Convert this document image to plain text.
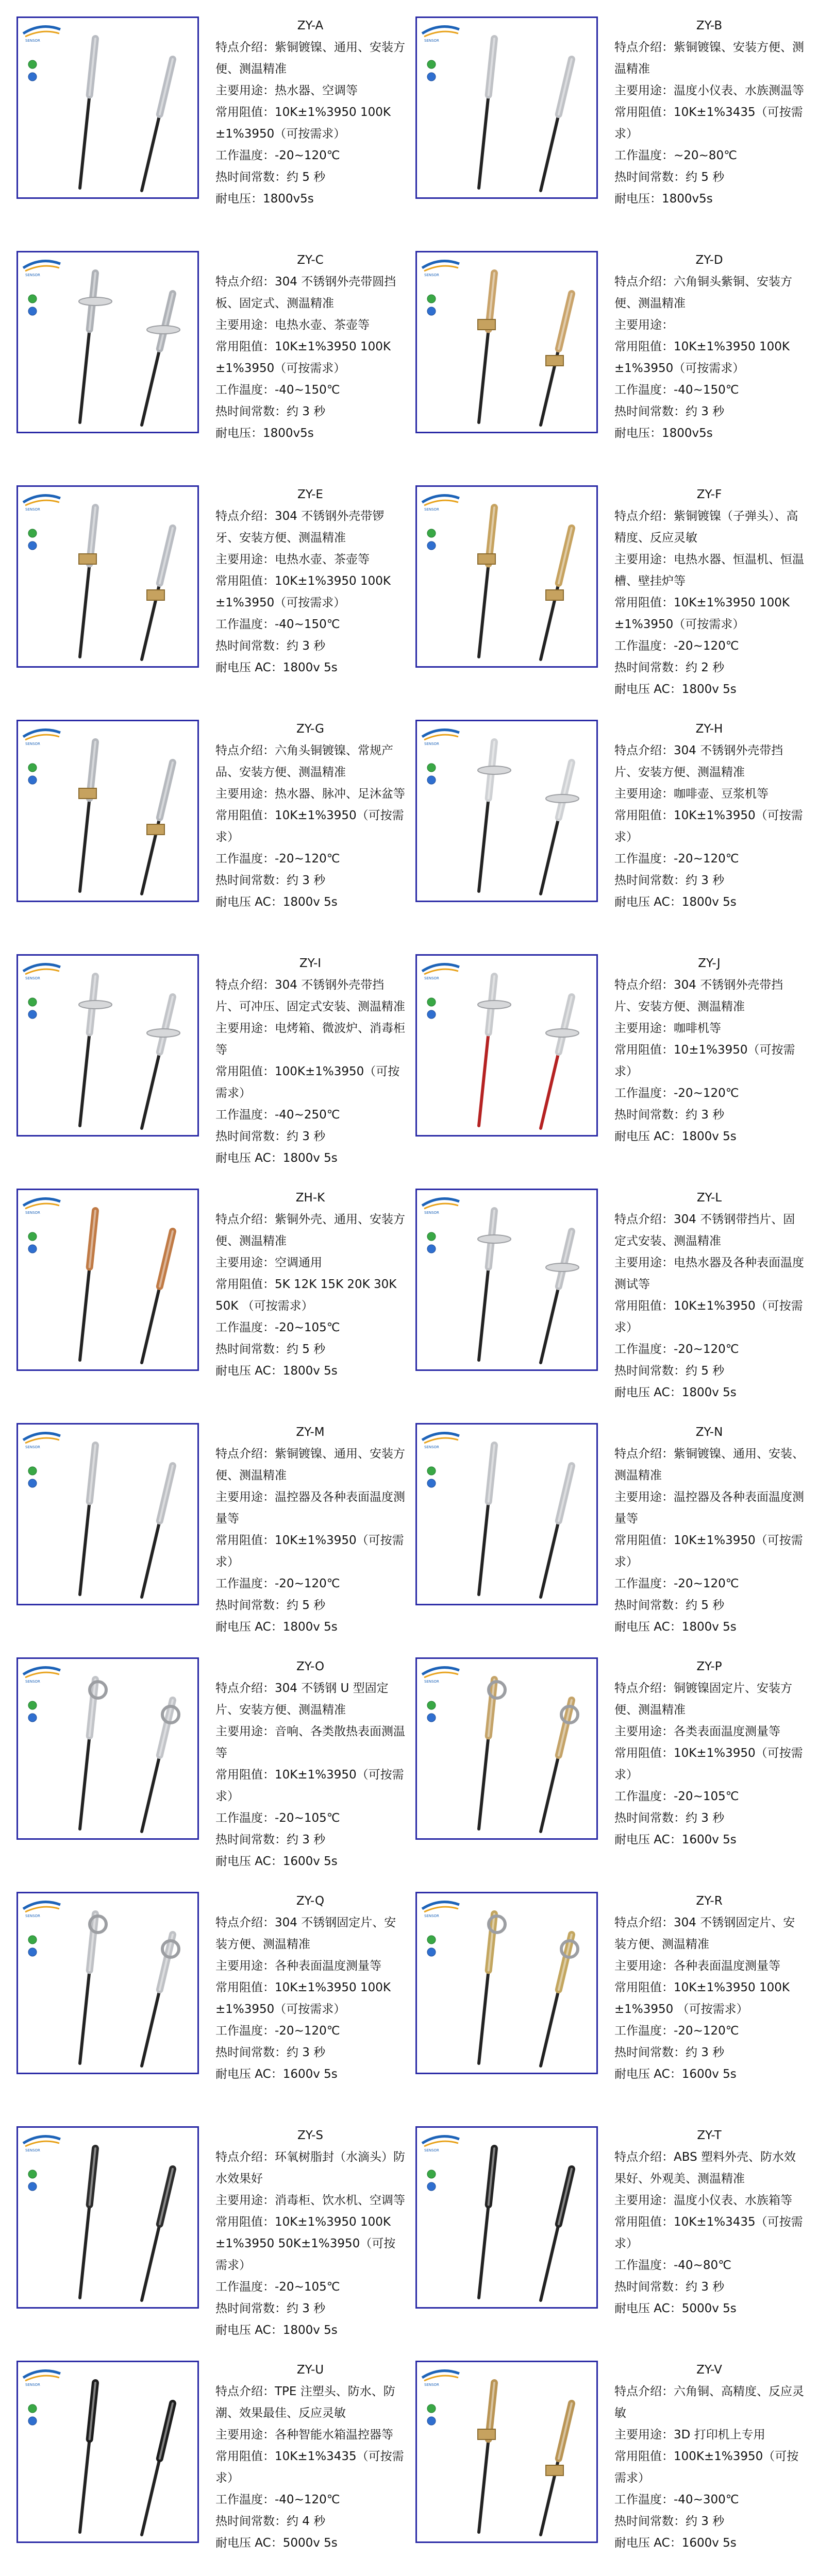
SENSOR
ZY-A

特点介绍：紫铜镀镍、通用、安装方便、测温精准

主要用途：热水器、空调等

常用阻值：10K±1%3950 100K±1%3950（可按需求）

工作温度：-20~120℃

热时间常数：约 5 秒

耐电压：1800v5s

SENSOR
ZY-B

特点介绍：紫铜镀镍、安装方便、测温精准

主要用途：温度小仪表、水族测温等

常用阻值：10K±1%3435（可按需求）

工作温度：~20~80℃

热时间常数：约 5 秒

耐电压：1800v5s

SENSOR
ZY-C

特点介绍：304 不锈钢外壳带圆挡板、固定式、测温精准

主要用途：电热水壶、茶壶等

常用阻值：10K±1%3950 100K±1%3950（可按需求）

工作温度：-40~150℃

热时间常数：约 3 秒

耐电压：1800v5s

SENSOR
ZY-D

特点介绍：六角铜头紫铜、安装方便、测温精准

主要用途：

常用阻值：10K±1%3950 100K±1%3950（可按需求）

工作温度：-40~150℃

热时间常数：约 3 秒

耐电压：1800v5s

SENSOR
ZY-E

特点介绍：304 不锈钢外壳带锣牙、安装方便、测温精准

主要用途：电热水壶、茶壶等

常用阻值：10K±1%3950 100K±1%3950（可按需求）

工作温度：-40~150℃

热时间常数：约 3 秒

耐电压 AC：1800v 5s

SENSOR
ZY-F

特点介绍：紫铜镀镍（子弹头）、高精度、反应灵敏

主要用途：电热水器、恒温机、恒温槽、壁挂炉等

常用阻值：10K±1%3950 100K±1%3950（可按需求）

工作温度：-20~120℃

热时间常数：约 2 秒

耐电压 AC：1800v 5s

SENSOR
ZY-G

特点介绍：六角头铜镀镍、常规产品、安装方便、测温精准

主要用途：热水器、脉冲、足沐盆等

常用阻值：10K±1%3950（可按需求）

工作温度：-20~120℃

热时间常数：约 3 秒

耐电压 AC：1800v 5s

SENSOR
ZY-H

特点介绍：304 不锈钢外壳带挡片、安装方便、测温精准

主要用途：咖啡壶、豆浆机等

常用阻值：10K±1%3950（可按需求）

工作温度：-20~120℃

热时间常数：约 3 秒

耐电压 AC：1800v 5s

SENSOR
ZY-I

特点介绍：304 不锈钢外壳带挡片、可冲压、固定式安装、测温精准

主要用途：电烤箱、微波炉、消毒柜等

常用阻值：100K±1%3950（可按需求）

工作温度：-40~250℃

热时间常数：约 3 秒

耐电压 AC：1800v 5s

SENSOR
ZY-J

特点介绍：304 不锈钢外壳带挡片、安装方便、测温精准

主要用途：咖啡机等

常用阻值：10±1%3950（可按需求）

工作温度：-20~120℃

热时间常数：约 3 秒

耐电压 AC：1800v 5s

SENSOR
ZH-K

特点介绍：紫铜外壳、通用、安装方便、测温精准

主要用途：空调通用

常用阻值：5K 12K 15K 20K 30K 50K （可按需求）

工作温度：-20~105℃

热时间常数：约 5 秒

耐电压 AC：1800v 5s

SENSOR
ZY-L

特点介绍：304 不锈钢带挡片、固定式安装、测温精准

主要用途：电热水器及各种表面温度测试等

常用阻值：10K±1%3950（可按需求）

工作温度：-20~120℃

热时间常数：约 5 秒

耐电压 AC：1800v 5s

SENSOR
ZY-M

特点介绍：紫铜镀镍、通用、安装方便、测温精准

主要用途：温控器及各种表面温度测量等

常用阻值：10K±1%3950（可按需求）

工作温度：-20~120℃

热时间常数：约 5 秒

耐电压 AC：1800v 5s

SENSOR
ZY-N

特点介绍：紫铜镀镍、通用、安装、测温精准

主要用途：温控器及各种表面温度测量等

常用阻值：10K±1%3950（可按需求）

工作温度：-20~120℃

热时间常数：约 5 秒

耐电压 AC：1800v 5s

SENSOR
ZY-O

特点介绍：304 不锈钢 U 型固定片、安装方便、测温精准

主要用途：音响、各类散热表面测温等

常用阻值：10K±1%3950（可按需求）

工作温度：-20~105℃

热时间常数：约 3 秒

耐电压 AC：1600v 5s

SENSOR
ZY-P

特点介绍：铜镀镍固定片、安装方便、测温精准

主要用途：各类表面温度测量等

常用阻值：10K±1%3950（可按需求）

工作温度：-20~105℃

热时间常数：约 3 秒

耐电压 AC：1600v 5s

SENSOR
ZY-Q

特点介绍：304 不锈钢固定片、安装方便、测温精准

主要用途：各种表面温度测量等

常用阻值：10K±1%3950 100K±1%3950（可按需求）

工作温度：-20~120℃

热时间常数：约 3 秒

耐电压 AC：1600v 5s

SENSOR
ZY-R

特点介绍：304 不锈钢固定片、安装方便、测温精准

主要用途：各种表面温度测量等

常用阻值：10K±1%3950 100K±1%3950 （可按需求）

工作温度：-20~120℃

热时间常数：约 3 秒

耐电压 AC：1600v 5s

SENSOR
ZY-S

特点介绍：环氧树脂封（水滴头）防水效果好

主要用途：消毒柜、饮水机、空调等

常用阻值：10K±1%3950 100K±1%3950 50K±1%3950（可按需求）

工作温度：-20~105℃

热时间常数：约 3 秒

耐电压 AC：1800v 5s

SENSOR
ZY-T

特点介绍：ABS 塑料外壳、防水效果好、外观美、测温精准

主要用途：温度小仪表、水族箱等

常用阻值：10K±1%3435（可按需求）

工作温度：-40~80℃

热时间常数：约 3 秒

耐电压 AC：5000v 5s

SENSOR
ZY-U

特点介绍：TPE 注塑头、防水、防潮、效果最佳、反应灵敏

主要用途：各种智能水箱温控器等

常用阻值：10K±1%3435（可按需求）

工作温度：-40~120℃

热时间常数：约 4 秒

耐电压 AC：5000v 5s

SENSOR
ZY-V

特点介绍：六角铜、高精度、反应灵敏

主要用途：3D 打印机上专用

常用阻值：100K±1%3950（可按需求）

工作温度：-40~300℃

热时间常数：约 3 秒

耐电压 AC：1600v 5s
